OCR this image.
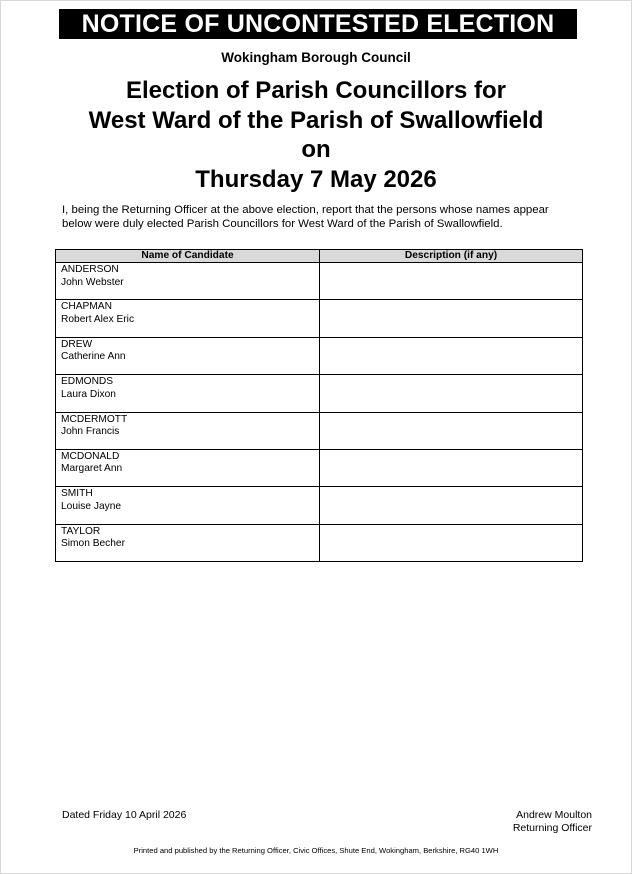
NOTICE OF UNCONTESTED ELECTION
Wokingham Borough Council
Election of Parish Councillors for
West Ward of the Parish of Swallowfield
on
Thursday 7 May 2026
I, being the Returning Officer at the above election, report that the persons whose names appear below were duly elected Parish Councillors for West Ward of the Parish of Swallowfield.
Name of Candidate	Description (if any)

ANDERSON
John Webster	

CHAPMAN
Robert Alex Eric	

DREW
Catherine Ann	

EDMONDS
Laura Dixon	

MCDERMOTT
John Francis	

MCDONALD
Margaret Ann	

SMITH
Louise Jayne	

TAYLOR
Simon Becher	

Dated Friday 10 April 2026	Andrew Moulton
Returning Officer
Printed and published by the Returning Officer, Civic Offices, Shute End, Wokingham, Berkshire, RG40 1WH
